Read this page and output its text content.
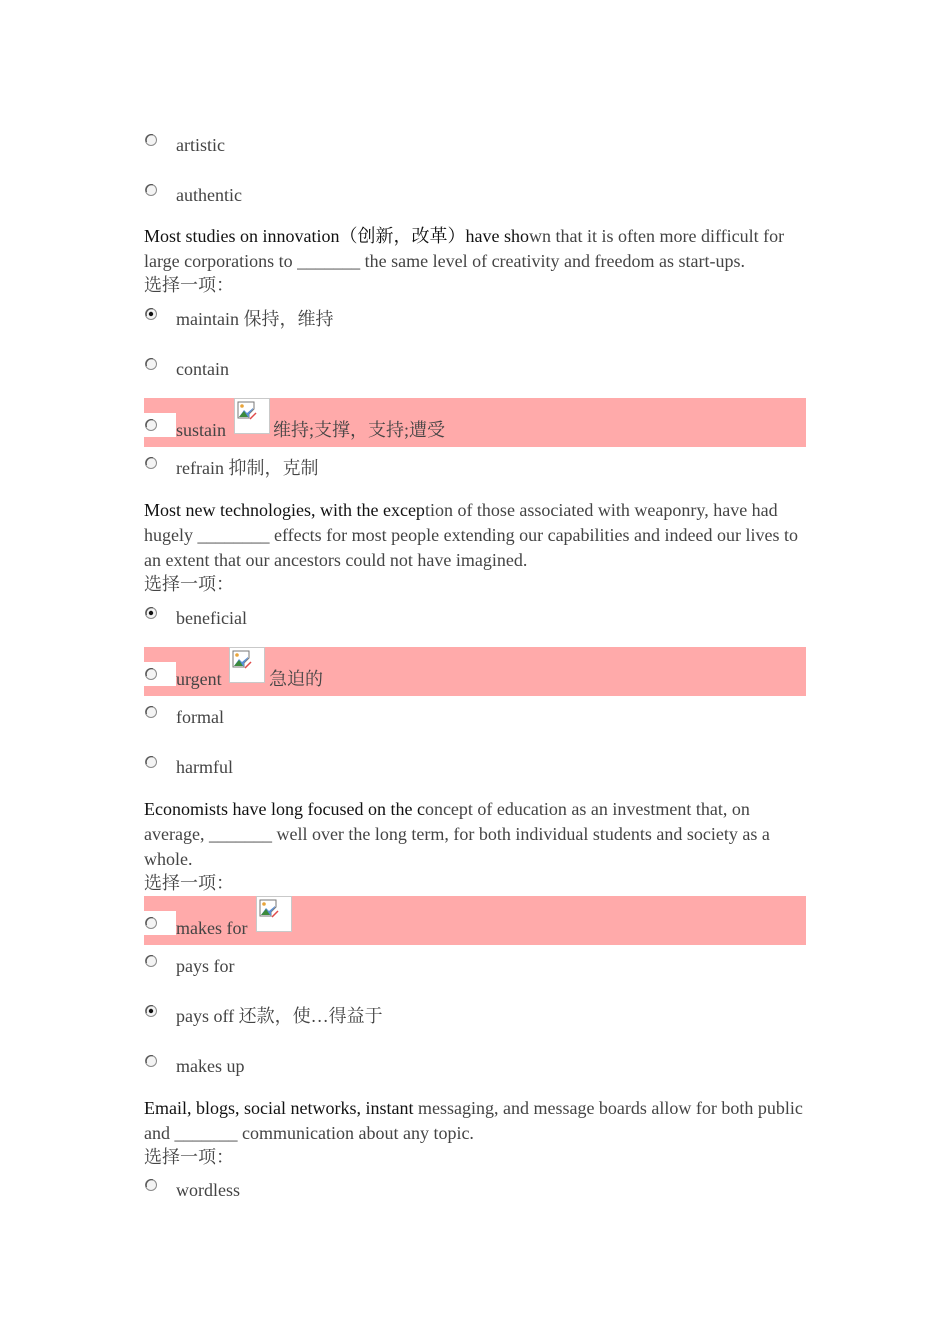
artistic
authentic
Most studies on innovation（创新，改革）have shown that it is often more difficult for large corporations to _______ the same level of creativity and freedom as start-ups.
选择一项：
maintain 保持，维持
contain
sustain	维持;支撑，支持;遭受
refrain 抑制，克制
Most new technologies, with the exception of those associated with weaponry, have had hugely ________ effects for most people extending our capabilities and indeed our lives to an extent that our ancestors could not have imagined.
选择一项：
beneficial
urgent	急迫的
formal
harmful
Economists have long focused on the concept of education as an investment that, on average, _______ well over the long term, for both individual students and society as a whole.
选择一项：
makes for
pays for
pays off 还款，使…得益于
makes up
Email, blogs, social networks, instant messaging, and message boards allow for both public and _______ communication about any topic.
选择一项：
wordless
